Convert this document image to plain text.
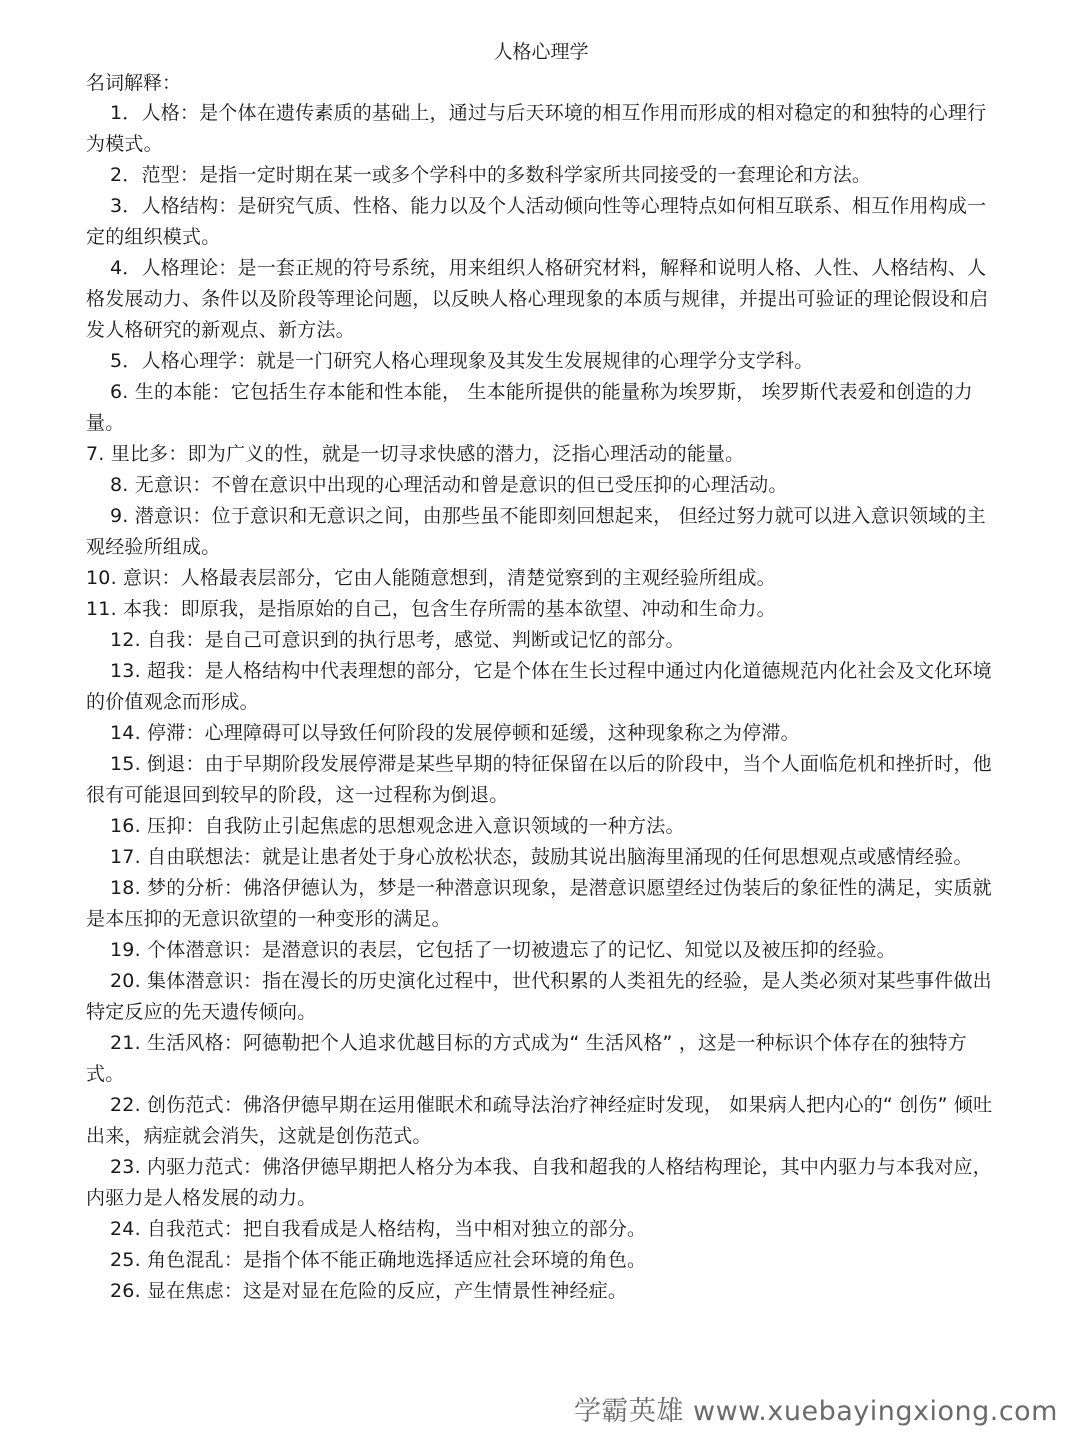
人格心理学

名词解释：

1．人格：是个体在遗传素质的基础上，通过与后天环境的相互作用而形成的相对稳定的和独特的心理行为模式。

2．范型：是指一定时期在某一或多个学科中的多数科学家所共同接受的一套理论和方法。

3．人格结构：是研究气质、性格、能力以及个人活动倾向性等心理特点如何相互联系、相互作用构成一定的组织模式。

4．人格理论：是一套正规的符号系统，用来组织人格研究材料，解释和说明人格、人性、人格结构、人格发展动力、条件以及阶段等理论问题，以反映人格心理现象的本质与规律，并提出可验证的理论假设和启发人格研究的新观点、新方法。

5．人格心理学：就是一门研究人格心理现象及其发生发展规律的心理学分支学科。

6. 生的本能：它包括生存本能和性本能， 生本能所提供的能量称为埃罗斯， 埃罗斯代表爱和创造的力量。

7. 里比多：即为广义的性，就是一切寻求快感的潜力，泛指心理活动的能量。

8. 无意识：不曾在意识中出现的心理活动和曾是意识的但已受压抑的心理活动。

9. 潜意识：位于意识和无意识之间，由那些虽不能即刻回想起来， 但经过努力就可以进入意识领域的主观经验所组成。

10. 意识：人格最表层部分，它由人能随意想到，清楚觉察到的主观经验所组成。

11. 本我：即原我，是指原始的自己，包含生存所需的基本欲望、冲动和生命力。

12. 自我：是自己可意识到的执行思考，感觉、判断或记忆的部分。

13. 超我：是人格结构中代表理想的部分，它是个体在生长过程中通过内化道德规范内化社会及文化环境的价值观念而形成。

14. 停滞：心理障碍可以导致任何阶段的发展停顿和延缓，这种现象称之为停滞。

15. 倒退：由于早期阶段发展停滞是某些早期的特征保留在以后的阶段中，当个人面临危机和挫折时，他很有可能退回到较早的阶段，这一过程称为倒退。

16. 压抑：自我防止引起焦虑的思想观念进入意识领域的一种方法。

17. 自由联想法：就是让患者处于身心放松状态，鼓励其说出脑海里涌现的任何思想观点或感情经验。

18. 梦的分析：佛洛伊德认为，梦是一种潜意识现象，是潜意识愿望经过伪装后的象征性的满足，实质就是本压抑的无意识欲望的一种变形的满足。

19. 个体潜意识：是潜意识的表层，它包括了一切被遗忘了的记忆、知觉以及被压抑的经验。

20. 集体潜意识：指在漫长的历史演化过程中，世代积累的人类祖先的经验，是人类必须对某些事件做出特定反应的先天遗传倾向。

21. 生活风格：阿德勒把个人追求优越目标的方式成为“ 生活风格” ，这是一种标识个体存在的独特方式。

22. 创伤范式：佛洛伊德早期在运用催眠术和疏导法治疗神经症时发现， 如果病人把内心的“ 创伤” 倾吐出来，病症就会消失，这就是创伤范式。

23. 内驱力范式：佛洛伊德早期把人格分为本我、自我和超我的人格结构理论，其中内驱力与本我对应，内驱力是人格发展的动力。

24. 自我范式：把自我看成是人格结构，当中相对独立的部分。

25. 角色混乱：是指个体不能正确地选择适应社会环境的角色。

26. 显在焦虑：这是对显在危险的反应，产生情景性神经症。

学霸英雄 www.xuebayingxiong.com
